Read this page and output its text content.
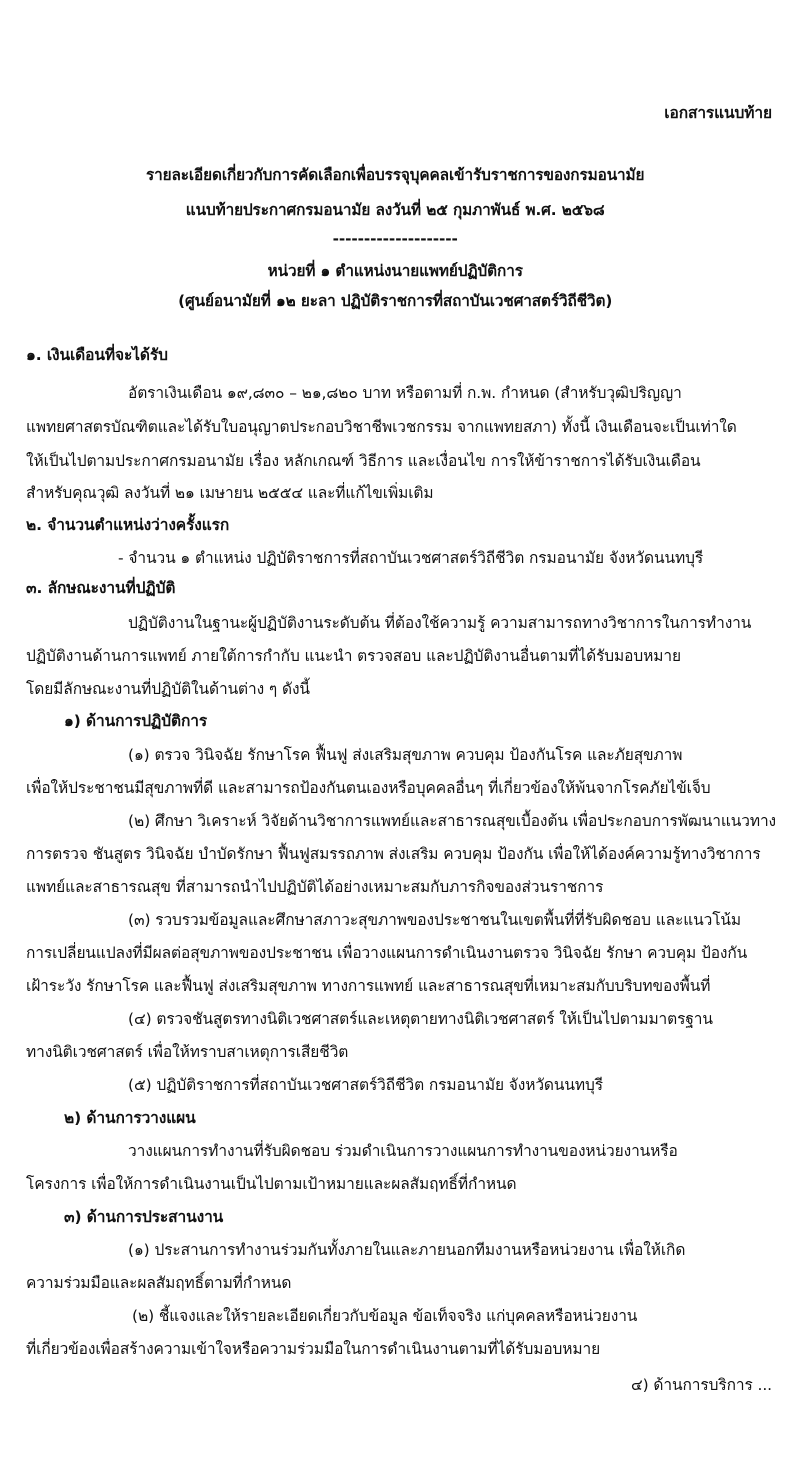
เอกสารแนบท้าย
รายละเอียดเกี่ยวกับการคัดเลือกเพื่อบรรจุบุคคลเข้ารับราชการของกรมอนามัย
แนบท้ายประกาศกรมอนามัย ลงวันที่ ๒๕ กุมภาพันธ์ พ.ศ. ๒๕๖๘
--------------------
หน่วยที่ ๑ ตำแหน่งนายแพทย์ปฏิบัติการ
(ศูนย์อนามัยที่ ๑๒ ยะลา ปฏิบัติราชการที่สถาบันเวชศาสตร์วิถีชีวิต)
๑. เงินเดือนที่จะได้รับ
อัตราเงินเดือน ๑๙,๘๓๐ – ๒๑,๘๒๐ บาท หรือตามที่ ก.พ. กำหนด (สำหรับวุฒิปริญญา
แพทยศาสตรบัณฑิตและได้รับใบอนุญาตประกอบวิชาชีพเวชกรรม จากแพทยสภา) ทั้งนี้ เงินเดือนจะเป็นเท่าใด
ให้เป็นไปตามประกาศกรมอนามัย เรื่อง หลักเกณฑ์ วิธีการ และเงื่อนไข การให้ข้าราชการได้รับเงินเดือน
สำหรับคุณวุฒิ ลงวันที่ ๒๑ เมษายน ๒๕๕๔ และที่แก้ไขเพิ่มเติม
๒. จำนวนตำแหน่งว่างครั้งแรก
- จำนวน ๑ ตำแหน่ง ปฏิบัติราชการที่สถาบันเวชศาสตร์วิถีชีวิต กรมอนามัย จังหวัดนนทบุรี
๓. ลักษณะงานที่ปฏิบัติ
ปฏิบัติงานในฐานะผู้ปฏิบัติงานระดับต้น ที่ต้องใช้ความรู้ ความสามารถทางวิชาการในการทำงาน
ปฏิบัติงานด้านการแพทย์ ภายใต้การกำกับ แนะนำ ตรวจสอบ และปฏิบัติงานอื่นตามที่ได้รับมอบหมาย
โดยมีลักษณะงานที่ปฏิบัติในด้านต่าง ๆ ดังนี้
๑) ด้านการปฏิบัติการ
(๑) ตรวจ วินิจฉัย รักษาโรค ฟื้นฟู ส่งเสริมสุขภาพ ควบคุม ป้องกันโรค และภัยสุขภาพ
เพื่อให้ประชาชนมีสุขภาพที่ดี และสามารถป้องกันตนเองหรือบุคคลอื่นๆ ที่เกี่ยวข้องให้พ้นจากโรคภัยไข้เจ็บ
(๒) ศึกษา วิเคราะห์ วิจัยด้านวิชาการแพทย์และสาธารณสุขเบื้องต้น เพื่อประกอบการพัฒนาแนวทาง
การตรวจ ชันสูตร วินิจฉัย บำบัดรักษา ฟื้นฟูสมรรถภาพ ส่งเสริม ควบคุม ป้องกัน เพื่อให้ได้องค์ความรู้ทางวิชาการ
แพทย์และสาธารณสุข ที่สามารถนำไปปฏิบัติได้อย่างเหมาะสมกับภารกิจของส่วนราชการ
(๓) รวบรวมข้อมูลและศึกษาสภาวะสุขภาพของประชาชนในเขตพื้นที่ที่รับผิดชอบ และแนวโน้ม
การเปลี่ยนแปลงที่มีผลต่อสุขภาพของประชาชน เพื่อวางแผนการดำเนินงานตรวจ วินิจฉัย รักษา ควบคุม ป้องกัน
เฝ้าระวัง รักษาโรค และฟื้นฟู ส่งเสริมสุขภาพ ทางการแพทย์ และสาธารณสุขที่เหมาะสมกับบริบทของพื้นที่
(๔) ตรวจชันสูตรทางนิติเวชศาสตร์และเหตุตายทางนิติเวชศาสตร์ ให้เป็นไปตามมาตรฐาน
ทางนิติเวชศาสตร์ เพื่อให้ทราบสาเหตุการเสียชีวิต
(๕) ปฏิบัติราชการที่สถาบันเวชศาสตร์วิถีชีวิต กรมอนามัย จังหวัดนนทบุรี
๒) ด้านการวางแผน
วางแผนการทำงานที่รับผิดชอบ ร่วมดำเนินการวางแผนการทำงานของหน่วยงานหรือ
โครงการ เพื่อให้การดำเนินงานเป็นไปตามเป้าหมายและผลสัมฤทธิ์ที่กำหนด
๓) ด้านการประสานงาน
(๑) ประสานการทำงานร่วมกันทั้งภายในและภายนอกทีมงานหรือหน่วยงาน เพื่อให้เกิด
ความร่วมมือและผลสัมฤทธิ์ตามที่กำหนด
(๒) ชี้แจงและให้รายละเอียดเกี่ยวกับข้อมูล ข้อเท็จจริง แก่บุคคลหรือหน่วยงาน
ที่เกี่ยวข้องเพื่อสร้างความเข้าใจหรือความร่วมมือในการดำเนินงานตามที่ได้รับมอบหมาย
๔) ด้านการบริการ ...
